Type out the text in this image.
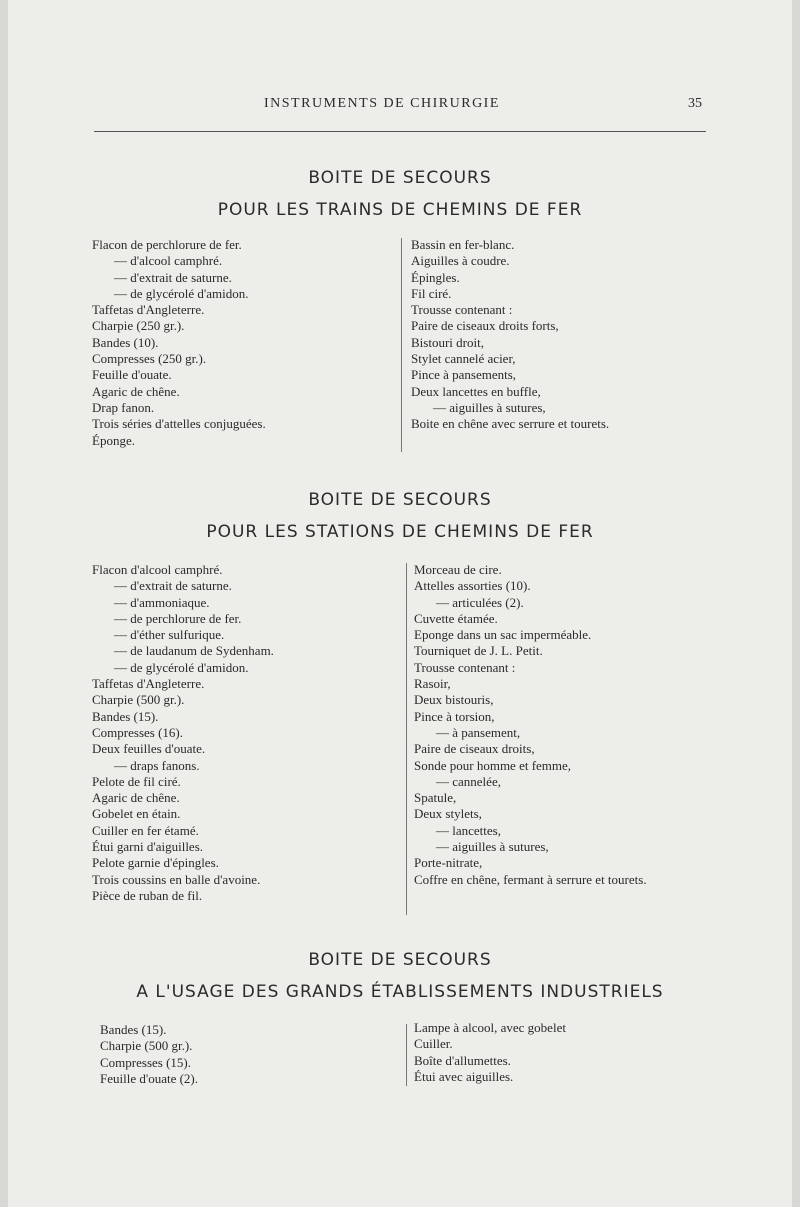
INSTRUMENTS DE CHIRURGIE	35
BOITE DE SECOURS
POUR LES TRAINS DE CHEMINS DE FER
Flacon de perchlorure de fer.
— d'alcool camphré.
— d'extrait de saturne.
— de glycérolé d'amidon.
Taffetas d'Angleterre.
Charpie (250 gr.).
Bandes (10).
Compresses (250 gr.).
Feuille d'ouate.
Agaric de chêne.
Drap fanon.
Trois séries d'attelles conjuguées.
Éponge.
Bassin en fer-blanc.
Aiguilles à coudre.
Épingles.
Fil ciré.
Trousse contenant :
Paire de ciseaux droits forts,
Bistouri droit,
Stylet cannelé acier,
Pince à pansements,
Deux lancettes en buffle,
— aiguilles à sutures,
Boite en chêne avec serrure et tourets.
BOITE DE SECOURS
POUR LES STATIONS DE CHEMINS DE FER
Flacon d'alcool camphré.
— d'extrait de saturne.
— d'ammoniaque.
— de perchlorure de fer.
— d'éther sulfurique.
— de laudanum de Sydenham.
— de glycérolé d'amidon.
Taffetas d'Angleterre.
Charpie (500 gr.).
Bandes (15).
Compresses (16).
Deux feuilles d'ouate.
— draps fanons.
Pelote de fil ciré.
Agaric de chêne.
Gobelet en étain.
Cuiller en fer étamé.
Étui garni d'aiguilles.
Pelote garnie d'épingles.
Trois coussins en balle d'avoine.
Pièce de ruban de fil.
Morceau de cire.
Attelles assorties (10).
— articulées (2).
Cuvette étamée.
Eponge dans un sac imperméable.
Tourniquet de J. L. Petit.
Trousse contenant :
Rasoir,
Deux bistouris,
Pince à torsion,
— à pansement,
Paire de ciseaux droits,
Sonde pour homme et femme,
— cannelée,
Spatule,
Deux stylets,
— lancettes,
— aiguilles à sutures,
Porte-nitrate,
Coffre en chêne, fermant à serrure et tourets.
BOITE DE SECOURS
A L'USAGE DES GRANDS ÉTABLISSEMENTS INDUSTRIELS
Bandes (15).
Charpie (500 gr.).
Compresses (15).
Feuille d'ouate (2).
Lampe à alcool, avec gobelet
Cuiller.
Boîte d'allumettes.
Étui avec aiguilles.
